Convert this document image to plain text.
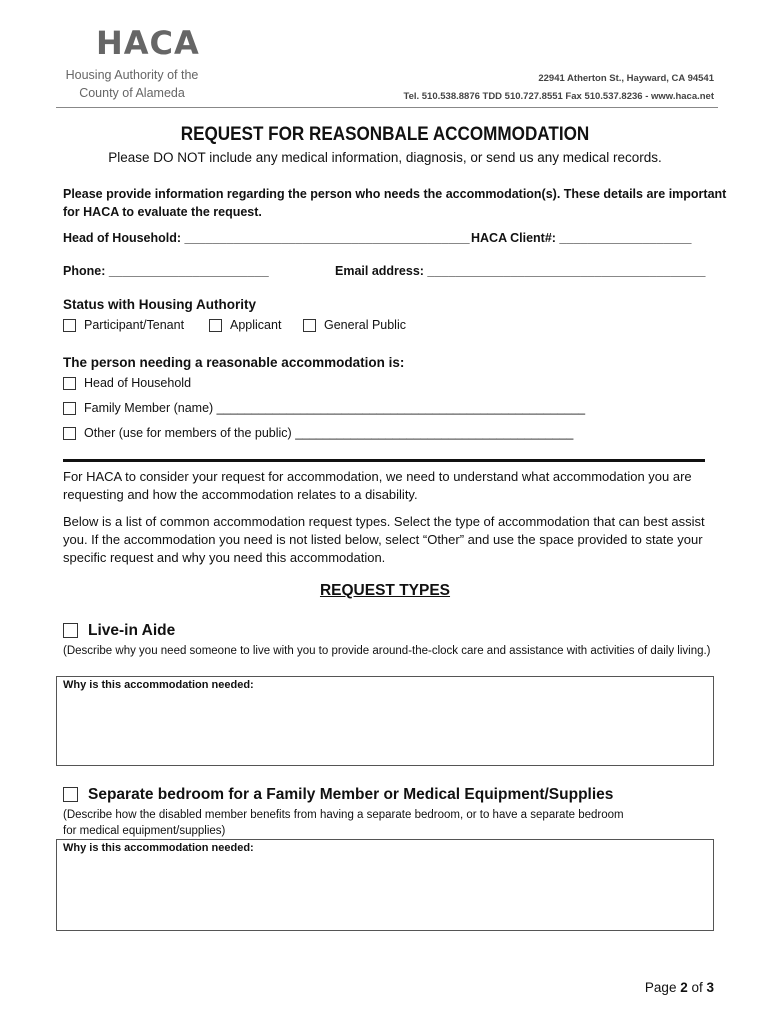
HACA
Housing Authority of the
County of Alameda
22941 Atherton St., Hayward, CA 94541
Tel. 510.538.8876 TDD 510.727.8551 Fax 510.537.8236 - www.haca.net
REQUEST FOR REASONBALE ACCOMMODATION
Please DO NOT include any medical information, diagnosis, or send us any medical records.
Please provide information regarding the person who needs the accommodation(s). These details are important
for HACA to evaluate the request.
Head of Household: _________________________________________ HACA Client#: ___________________
Phone: _______________________	Email address: ________________________________________
Status with Housing Authority
Participant/Tenant	Applicant	General Public
The person needing a reasonable accommodation is:
Head of Household
Family Member (name) _____________________________________________________
Other (use for members of the public) ________________________________________
For HACA to consider your request for accommodation, we need to understand what accommodation you are requesting and how the accommodation relates to a disability.
Below is a list of common accommodation request types. Select the type of accommodation that can best assist you. If the accommodation you need is not listed below, select “Other” and use the space provided to state your specific request and why you need this accommodation.
REQUEST TYPES
Live-in Aide
(Describe why you need someone to live with you to provide around-the-clock care and assistance with activities of daily living.)
Why is this accommodation needed:
Separate bedroom for a Family Member or Medical Equipment/Supplies
(Describe how the disabled member benefits from having a separate bedroom, or to have a separate bedroom
for medical equipment/supplies)
Why is this accommodation needed:
Page 2 of 3
